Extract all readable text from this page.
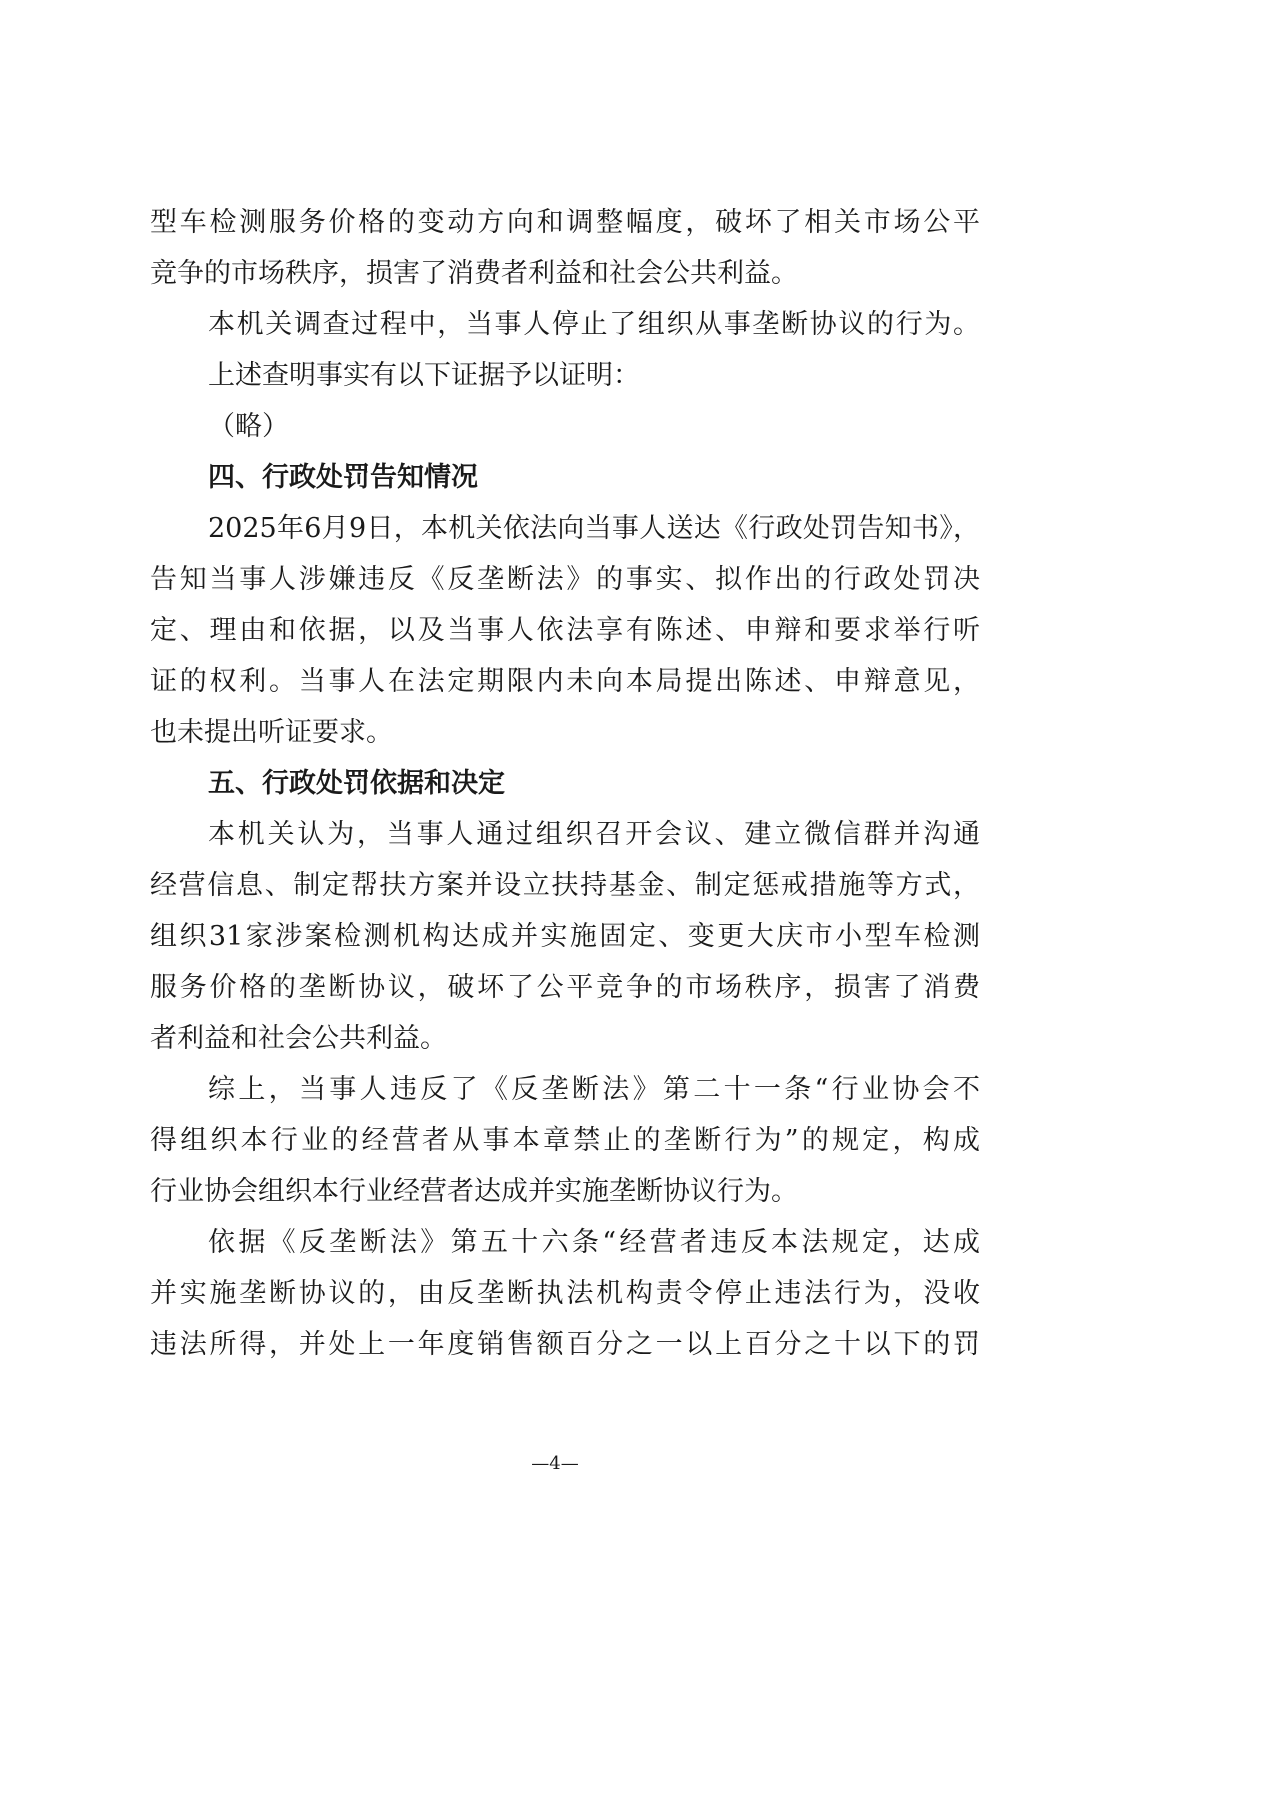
型车检测服务价格的变动方向和调整幅度，破坏了相关市场公平
竞争的市场秩序，损害了消费者利益和社会公共利益。
本机关调查过程中，当事人停止了组织从事垄断协议的行为。
上述查明事实有以下证据予以证明：
（略）
四、行政处罚告知情况
2025年6月9日，本机关依法向当事人送达《行政处罚告知书》，
告知当事人涉嫌违反《反垄断法》的事实、拟作出的行政处罚决
定、理由和依据，以及当事人依法享有陈述、申辩和要求举行听
证的权利。当事人在法定期限内未向本局提出陈述、申辩意见，
也未提出听证要求。
五、行政处罚依据和决定
本机关认为，当事人通过组织召开会议、建立微信群并沟通
经营信息、制定帮扶方案并设立扶持基金、制定惩戒措施等方式，
组织31家涉案检测机构达成并实施固定、变更大庆市小型车检测
服务价格的垄断协议，破坏了公平竞争的市场秩序，损害了消费
者利益和社会公共利益。
综上，当事人违反了《反垄断法》第二十一条“行业协会不
得组织本行业的经营者从事本章禁止的垄断行为”的规定，构成
行业协会组织本行业经营者达成并实施垄断协议行为。
依据《反垄断法》第五十六条“经营者违反本法规定，达成
并实施垄断协议的，由反垄断执法机构责令停止违法行为，没收
违法所得，并处上一年度销售额百分之一以上百分之十以下的罚
—4—
